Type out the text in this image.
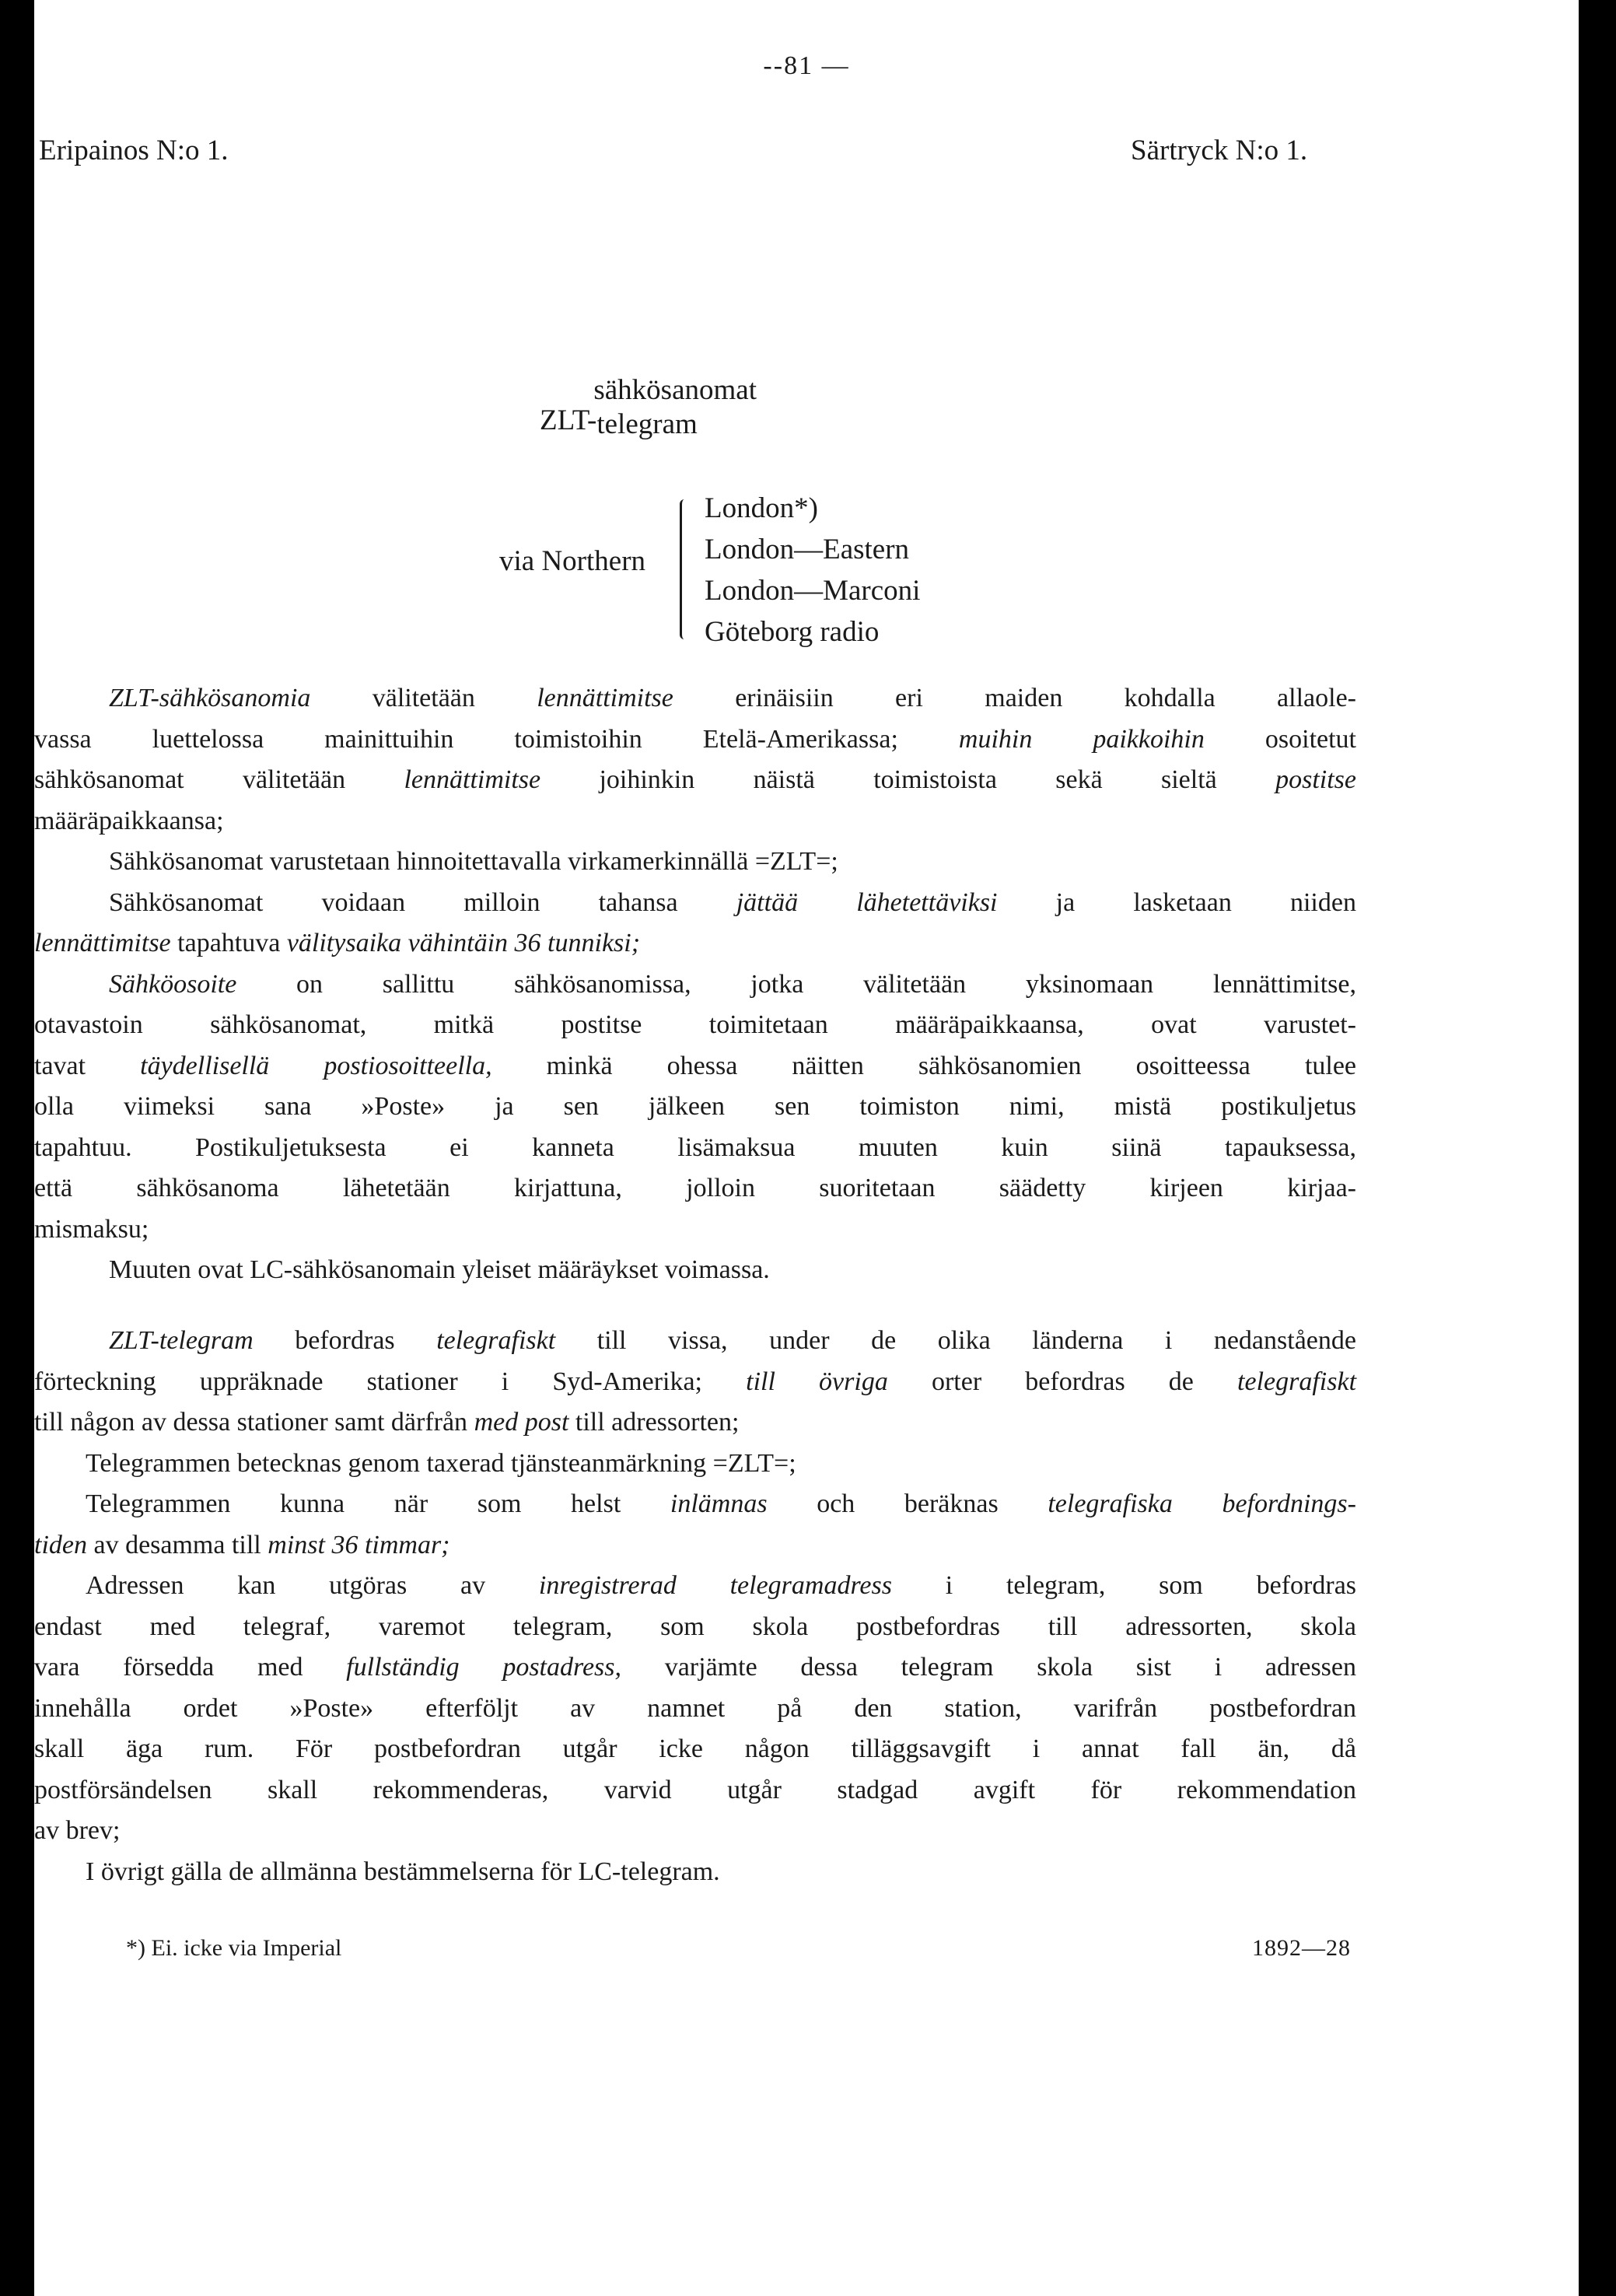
--81 —
Eripainos N:o 1.	Särtryck N:o 1.
ZLT-
sähkösanomat
telegram
via Northern
London*)
London—Eastern
London—Marconi
Göteborg radio
ZLT-sähkösanomia välitetään lennättimitse erinäisiin eri maiden kohdalla allaole-
vassa luettelossa mainittuihin toimistoihin Etelä-Amerikassa; muihin paikkoihin osoitetut
sähkösanomat välitetään lennättimitse joihinkin näistä toimistoista sekä sieltä postitse
määräpaikkaansa;
Sähkösanomat varustetaan hinnoitettavalla virkamerkinnällä =ZLT=;
Sähkösanomat voidaan milloin tahansa jättää lähetettäviksi ja lasketaan niiden
lennättimitse tapahtuva välitysaika vähintäin 36 tunniksi;
Sähköosoite on sallittu sähkösanomissa, jotka välitetään yksinomaan lennättimitse,
otavastoin sähkösanomat, mitkä postitse toimitetaan määräpaikkaansa, ovat varustet-
tavat täydellisellä postiosoitteella, minkä ohessa näitten sähkösanomien osoitteessa tulee
olla viimeksi sana »Poste» ja sen jälkeen sen toimiston nimi, mistä postikuljetus
tapahtuu. Postikuljetuksesta ei kanneta lisämaksua muuten kuin siinä tapauksessa,
että sähkösanoma lähetetään kirjattuna, jolloin suoritetaan säädetty kirjeen kirjaa-
mismaksu;
Muuten ovat LC-sähkösanomain yleiset määräykset voimassa.
ZLT-telegram befordras telegrafiskt till vissa, under de olika länderna i nedanstående
förteckning uppräknade stationer i Syd-Amerika; till övriga orter befordras de telegrafiskt
till någon av dessa stationer samt därfrån med post till adressorten;
Telegrammen betecknas genom taxerad tjänsteanmärkning =ZLT=;
Telegrammen kunna när som helst inlämnas och beräknas telegrafiska befordnings-
tiden av desamma till minst 36 timmar;
Adressen kan utgöras av inregistrerad telegramadress i telegram, som befordras
endast med telegraf, varemot telegram, som skola postbefordras till adressorten, skola
vara försedda med fullständig postadress, varjämte dessa telegram skola sist i adressen
innehålla ordet »Poste» efterföljt av namnet på den station, varifrån postbefordran
skall äga rum. För postbefordran utgår icke någon tilläggsavgift i annat fall än, då
postförsändelsen skall rekommenderas, varvid utgår stadgad avgift för rekommendation
av brev;
I övrigt gälla de allmänna bestämmelserna för LC-telegram.
*) Ei. icke via Imperial	1892—28
